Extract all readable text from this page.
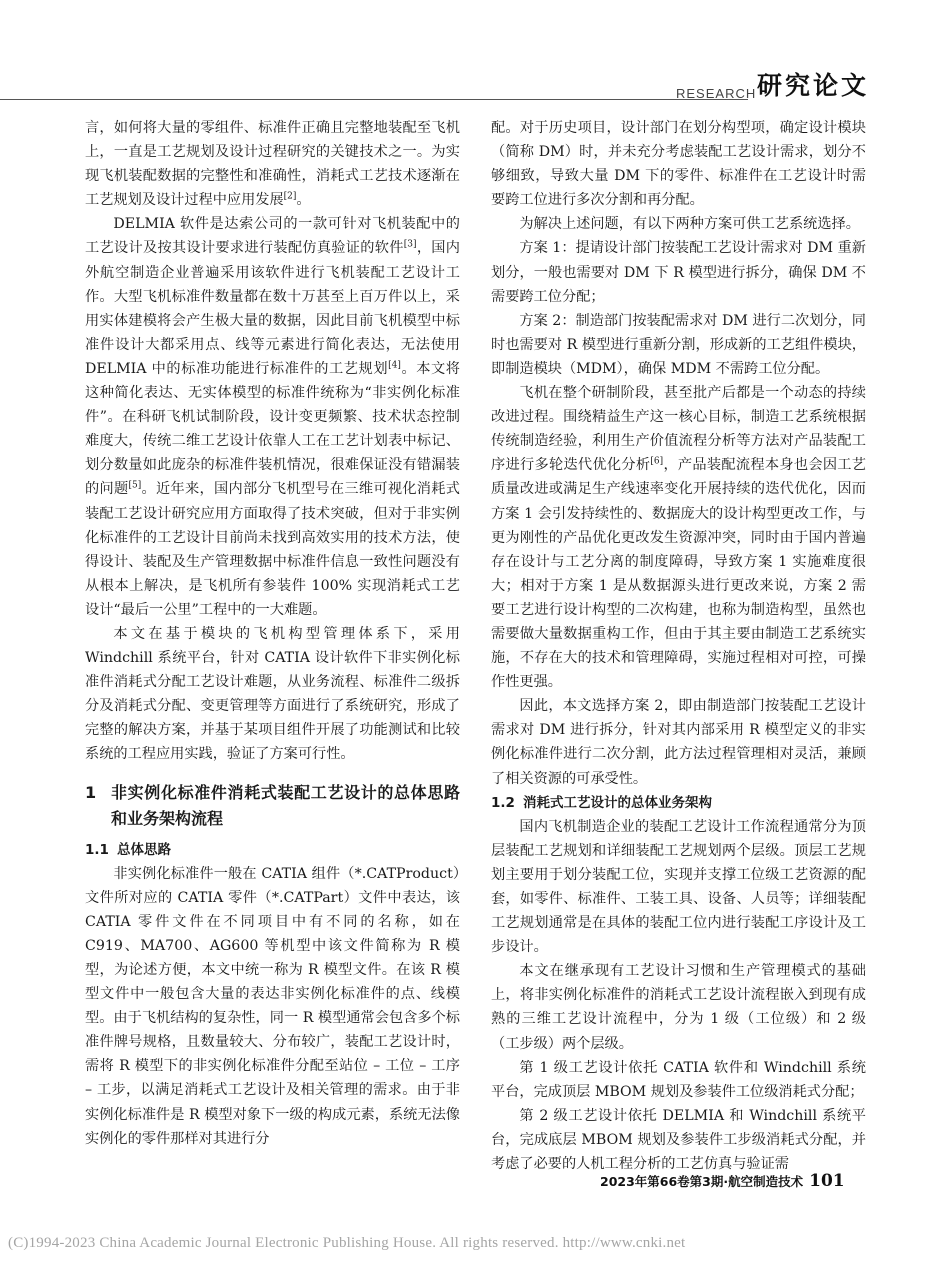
RESEARCH 研究论文

言，如何将大量的零组件、标准件正确且完整地装配至飞机上，一直是工艺规划及设计过程研究的关键技术之一。为实现飞机装配数据的完整性和准确性，消耗式工艺技术逐渐在工艺规划及设计过程中应用发展[2]。

DELMIA 软件是达索公司的一款可针对飞机装配中的工艺设计及按其设计要求进行装配仿真验证的软件[3]，国内外航空制造企业普遍采用该软件进行飞机装配工艺设计工作。大型飞机标准件数量都在数十万甚至上百万件以上，采用实体建模将会产生极大量的数据，因此目前飞机模型中标准件设计大都采用点、线等元素进行简化表达，无法使用 DELMIA 中的标准功能进行标准件的工艺规划[4]。本文将这种简化表达、无实体模型的标准件统称为“非实例化标准件”。在科研飞机试制阶段，设计变更频繁、技术状态控制难度大，传统二维工艺设计依靠人工在工艺计划表中标记、划分数量如此庞杂的标准件装机情况，很难保证没有错漏装的问题[5]。近年来，国内部分飞机型号在三维可视化消耗式装配工艺设计研究应用方面取得了技术突破，但对于非实例化标准件的工艺设计目前尚未找到高效实用的技术方法，使得设计、装配及生产管理数据中标准件信息一致性问题没有从根本上解决，是飞机所有参装件 100% 实现消耗式工艺设计“最后一公里”工程中的一大难题。

本文在基于模块的飞机构型管理体系下，采用 Windchill 系统平台，针对 CATIA 设计软件下非实例化标准件消耗式分配工艺设计难题，从业务流程、标准件二级拆分及消耗式分配、变更管理等方面进行了系统研究，形成了完整的解决方案，并基于某项目组件开展了功能测试和比较系统的工程应用实践，验证了方案可行性。

1 非实例化标准件消耗式装配工艺设计的总体思路和业务架构流程
1.1 总体思路

非实例化标准件一般在 CATIA 组件（*.CATProduct）文件所对应的 CATIA 零件（*.CATPart）文件中表达，该 CATIA 零件文件在不同项目中有不同的名称，如在 C919、MA700、AG600 等机型中该文件简称为 R 模型，为论述方便，本文中统一称为 R 模型文件。在该 R 模型文件中一般包含大量的表达非实例化标准件的点、线模型。由于飞机结构的复杂性，同一 R 模型通常会包含多个标准件牌号规格，且数量较大、分布较广，装配工艺设计时，需将 R 模型下的非实例化标准件分配至站位 – 工位 – 工序 – 工步，以满足消耗式工艺设计及相关管理的需求。由于非实例化标准件是 R 模型对象下一级的构成元素，系统无法像实例化的零件那样对其进行分

配。对于历史项目，设计部门在划分构型项，确定设计模块（简称 DM）时，并未充分考虑装配工艺设计需求，划分不够细致，导致大量 DM 下的零件、标准件在工艺设计时需要跨工位进行多次分割和再分配。

为解决上述问题，有以下两种方案可供工艺系统选择。

方案 1：提请设计部门按装配工艺设计需求对 DM 重新划分，一般也需要对 DM 下 R 模型进行拆分，确保 DM 不需要跨工位分配；

方案 2：制造部门按装配需求对 DM 进行二次划分，同时也需要对 R 模型进行重新分割，形成新的工艺组件模块，即制造模块（MDM），确保 MDM 不需跨工位分配。

飞机在整个研制阶段，甚至批产后都是一个动态的持续改进过程。围绕精益生产这一核心目标，制造工艺系统根据传统制造经验，利用生产价值流程分析等方法对产品装配工序进行多轮迭代优化分析[6]，产品装配流程本身也会因工艺质量改进或满足生产线速率变化开展持续的迭代优化，因而方案 1 会引发持续性的、数据庞大的设计构型更改工作，与更为刚性的产品优化更改发生资源冲突，同时由于国内普遍存在设计与工艺分离的制度障碍，导致方案 1 实施难度很大；相对于方案 1 是从数据源头进行更改来说，方案 2 需要工艺进行设计构型的二次构建，也称为制造构型，虽然也需要做大量数据重构工作，但由于其主要由制造工艺系统实施，不存在大的技术和管理障碍，实施过程相对可控，可操作性更强。

因此，本文选择方案 2，即由制造部门按装配工艺设计需求对 DM 进行拆分，针对其内部采用 R 模型定义的非实例化标准件进行二次分割，此方法过程管理相对灵活，兼顾了相关资源的可承受性。

1.2 消耗式工艺设计的总体业务架构

国内飞机制造企业的装配工艺设计工作流程通常分为顶层装配工艺规划和详细装配工艺规划两个层级。顶层工艺规划主要用于划分装配工位，实现并支撑工位级工艺资源的配套，如零件、标准件、工装工具、设备、人员等；详细装配工艺规划通常是在具体的装配工位内进行装配工序设计及工步设计。

本文在继承现有工艺设计习惯和生产管理模式的基础上，将非实例化标准件的消耗式工艺设计流程嵌入到现有成熟的三维工艺设计流程中，分为 1 级（工位级）和 2 级（工步级）两个层级。

第 1 级工艺设计依托 CATIA 软件和 Windchill 系统平台，完成顶层 MBOM 规划及参装件工位级消耗式分配；

第 2 级工艺设计依托 DELMIA 和 Windchill 系统平台，完成底层 MBOM 规划及参装件工步级消耗式分配，并考虑了必要的人机工程分析的工艺仿真与验证需

2023年第66卷第3期·航空制造技术 101
(C)1994-2023 China Academic Journal Electronic Publishing House. All rights reserved. http://www.cnki.net
